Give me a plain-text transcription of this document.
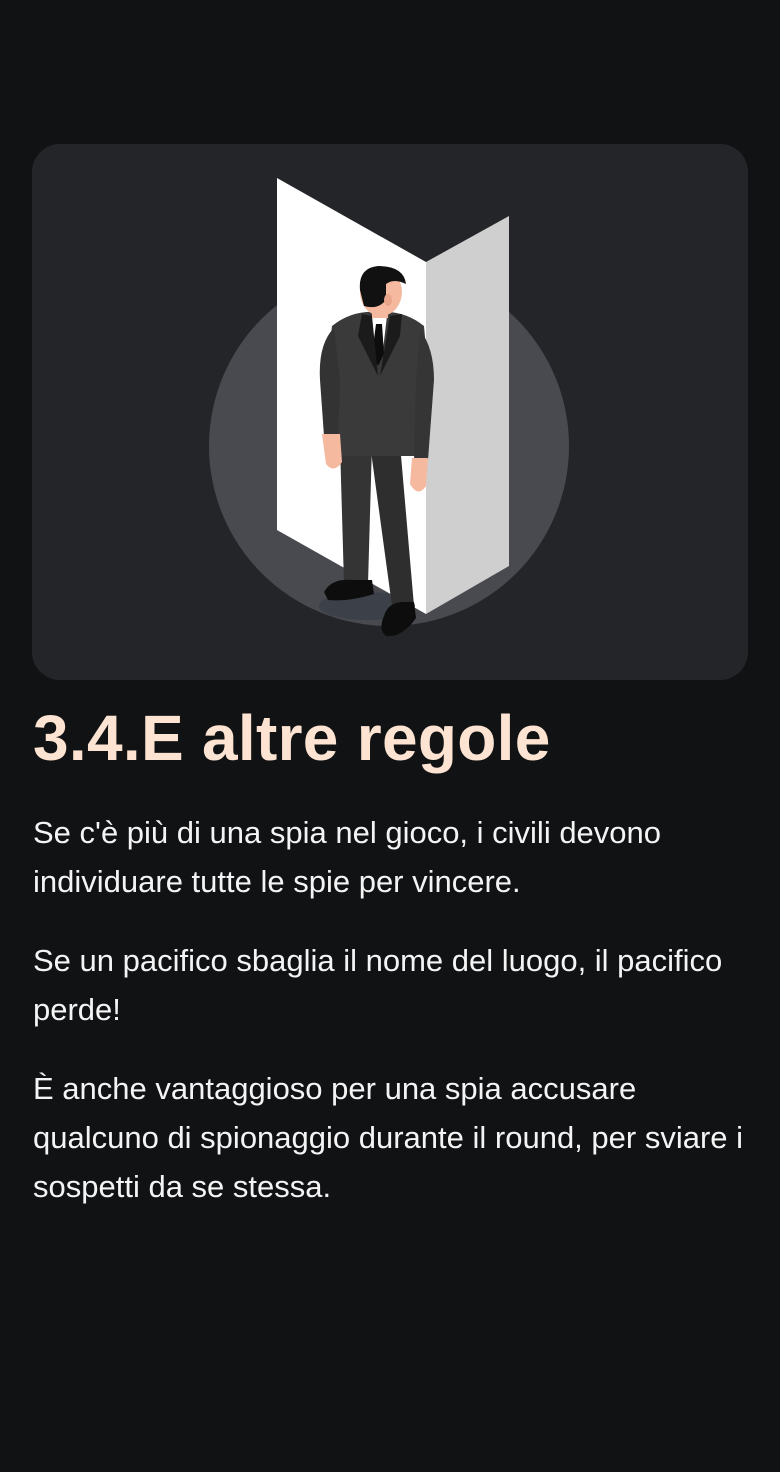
3.4.E altre regole

Se c'è più di una spia nel gioco, i civili devono individuare tutte le spie per vincere.

Se un pacifico sbaglia il nome del luogo, il pacifico perde!

È anche vantaggioso per una spia accusare qualcuno di spionaggio durante il round, per sviare i sospetti da se stessa.
